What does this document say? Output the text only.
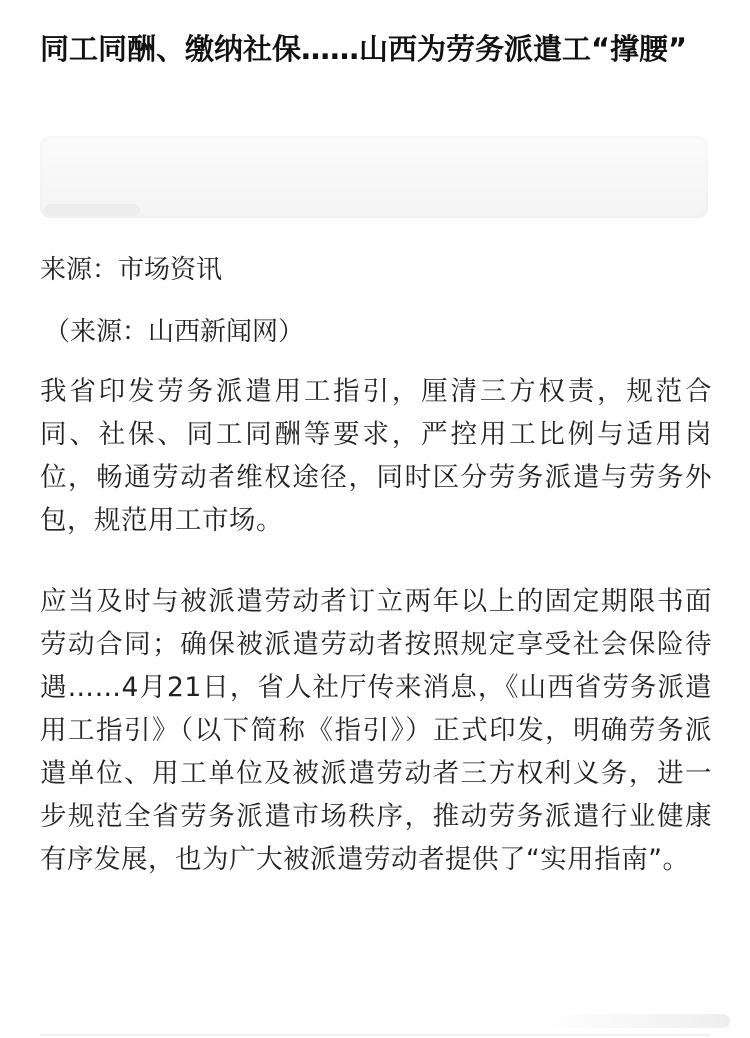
同工同酬、缴纳社保……山西为劳务派遣工“撑腰”

来源：市场资讯

（来源：山西新闻网）

我省印发劳务派遣用工指引，厘清三方权责，规范合同、社保、同工同酬等要求，严控用工比例与适用岗位，畅通劳动者维权途径，同时区分劳务派遣与劳务外包，规范用工市场。

应当及时与被派遣劳动者订立两年以上的固定期限书面劳动合同；确保被派遣劳动者按照规定享受社会保险待遇……4月21日，省人社厅传来消息，《山西省劳务派遣用工指引》（以下简称《指引》）正式印发，明确劳务派遣单位、用工单位及被派遣劳动者三方权利义务，进一步规范全省劳务派遣市场秩序，推动劳务派遣行业健康有序发展，也为广大被派遣劳动者提供了“实用指南”。
